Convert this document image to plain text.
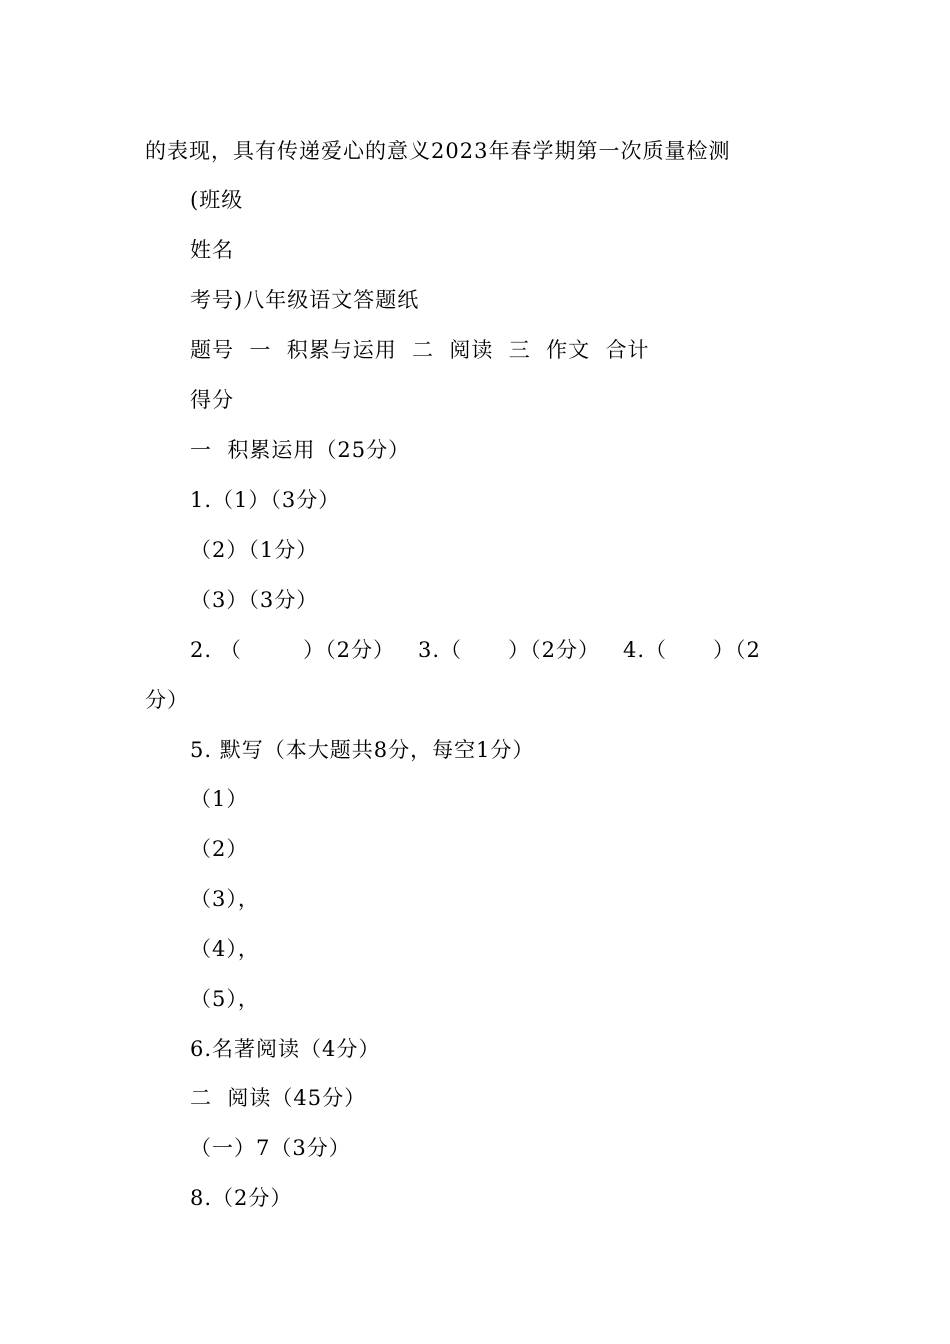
的表现，具有传递爱心的意义2023年春学期第一次质量检测
(班级
姓名
考号)八年级语文答题纸
题号  一  积累与运用  二  阅读  三  作文  合计
得分
一  积累运用（25分）
1.（1）（3分）
（2）（1分）
（3）（3分）
2. （        ）（2分）   3.（      ）（2分）   4.（      ）（2
分）
5. 默写（本大题共8分，每空1分）
（1）
（2）
（3），
（4），
（5），
6.名著阅读（4分）
二  阅读（45分）
（一）7（3分）
8.（2分）
